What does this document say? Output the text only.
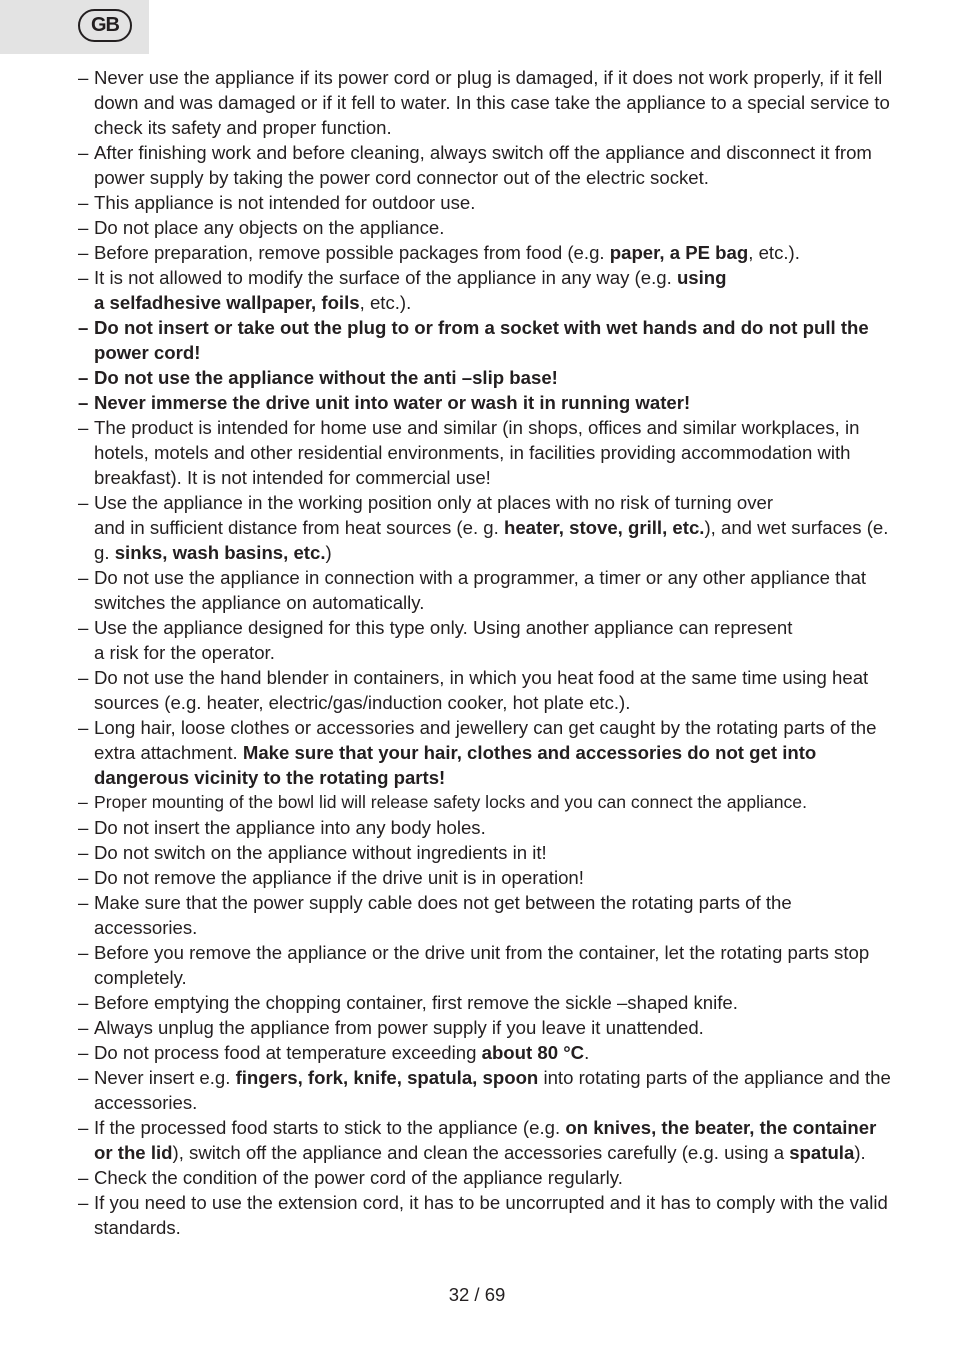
GB

– Never use the appliance if its power cord or plug is damaged, if it does not work properly, if it fell down and was damaged or if it fell to water. In this case take the appliance to a special service to check its safety and proper function.

– After finishing work and before cleaning, always switch off the appliance and disconnect it from power supply by taking the power cord connector out of the electric socket.

– This appliance is not intended for outdoor use.

– Do not place any objects on the appliance.

– Before preparation, remove possible packages from food (e.g. paper, a PE bag, etc.).

– It is not allowed to modify the surface of the appliance in any way (e.g. using
a selfadhesive wallpaper, foils, etc.).

– Do not insert or take out the plug to or from a socket with wet hands and do not pull the power cord!

– Do not use the appliance without the anti –slip base!

– Never immerse the drive unit into water or wash it in running water!

– The product is intended for home use and similar (in shops, offices and similar workplaces, in hotels, motels and other residential environments, in facilities providing accommodation with breakfast). It is not intended for commercial use!

– Use the appliance in the working position only at places with no risk of turning over
and in sufficient distance from heat sources (e. g. heater, stove, grill, etc.), and wet surfaces (e. g. sinks, wash basins, etc.)

– Do not use the appliance in connection with a programmer, a timer or any other appliance that switches the appliance on automatically.

– Use the appliance designed for this type only. Using another appliance can represent
a risk for the operator.

– Do not use the hand blender in containers, in which you heat food at the same time using heat sources (e.g. heater, electric/gas/induction cooker, hot plate etc.).

– Long hair, loose clothes or accessories and jewellery can get caught by the rotating parts of the extra attachment. Make sure that your hair, clothes and accessories do not get into dangerous vicinity to the rotating parts!

– Proper mounting of the bowl lid will release safety locks and you can connect the appliance.

– Do not insert the appliance into any body holes.

– Do not switch on the appliance without ingredients in it!

– Do not remove the appliance if the drive unit is in operation!

– Make sure that the power supply cable does not get between the rotating parts of the accessories.

– Before you remove the appliance or the drive unit from the container, let the rotating parts stop completely.

– Before emptying the chopping container, first remove the sickle –shaped knife.

– Always unplug the appliance from power supply if you leave it unattended.

– Do not process food at temperature exceeding about 80 °C.

– Never insert e.g. fingers, fork, knife, spatula, spoon into rotating parts of the appliance and the accessories.

– If the processed food starts to stick to the appliance (e.g. on knives, the beater, the container or the lid), switch off the appliance and clean the accessories carefully (e.g. using a spatula).

– Check the condition of the power cord of the appliance regularly.

– If you need to use the extension cord, it has to be uncorrupted and it has to comply with the valid standards.

32 / 69
